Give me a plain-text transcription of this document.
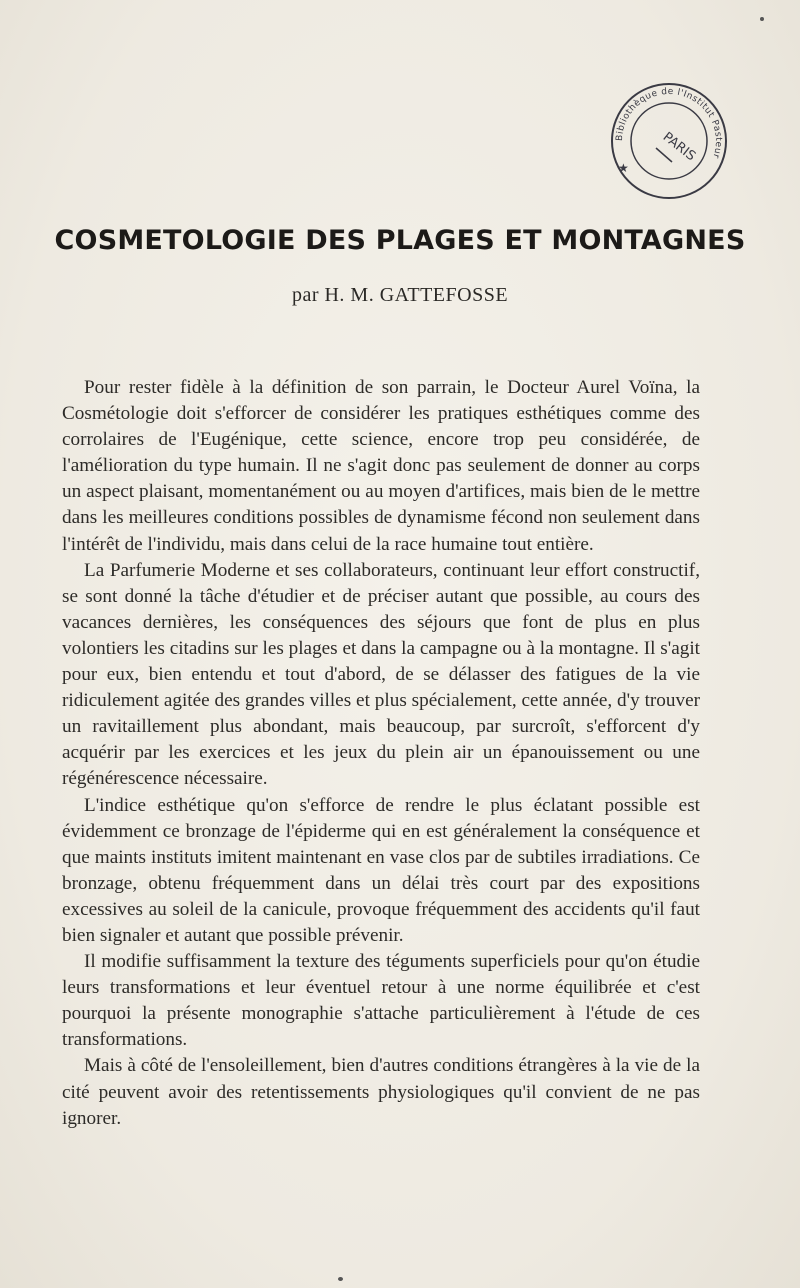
Bibliothèque de l'Institut Pasteur
PARIS
★
COSMETOLOGIE DES PLAGES ET MONTAGNES
par H. M. GATTEFOSSE

Pour rester fidèle à la définition de son parrain, le Docteur Aurel Voïna, la Cosmétologie doit s'efforcer de considérer les pratiques esthétiques comme des corrolaires de l'Eugénique, cette science, encore trop peu considérée, de l'amélioration du type humain. Il ne s'agit donc pas seulement de donner au corps un aspect plaisant, momentanément ou au moyen d'artifices, mais bien de le mettre dans les meilleures conditions possibles de dynamisme fécond non seulement dans l'intérêt de l'individu, mais dans celui de la race humaine tout entière.

La Parfumerie Moderne et ses collaborateurs, continuant leur effort constructif, se sont donné la tâche d'étudier et de préciser autant que possible, au cours des vacances dernières, les conséquences des séjours que font de plus en plus volontiers les citadins sur les plages et dans la campagne ou à la montagne. Il s'agit pour eux, bien entendu et tout d'abord, de se délasser des fatigues de la vie ridiculement agitée des grandes villes et plus spécialement, cette année, d'y trouver un ravitaillement plus abondant, mais beaucoup, par surcroît, s'efforcent d'y acquérir par les exercices et les jeux du plein air un épanouissement ou une régénérescence nécessaire.

L'indice esthétique qu'on s'efforce de rendre le plus éclatant possible est évidemment ce bronzage de l'épiderme qui en est généralement la conséquence et que maints instituts imitent maintenant en vase clos par de subtiles irradiations. Ce bronzage, obtenu fréquemment dans un délai très court par des expositions excessives au soleil de la canicule, provoque fréquemment des accidents qu'il faut bien signaler et autant que possible prévenir.

Il modifie suffisamment la texture des téguments superficiels pour qu'on étudie leurs transformations et leur éventuel retour à une norme équilibrée et c'est pourquoi la présente monographie s'attache particulièrement à l'étude de ces transformations.

Mais à côté de l'ensoleillement, bien d'autres conditions étrangères à la vie de la cité peuvent avoir des retentissements physiologiques qu'il convient de ne pas ignorer.
